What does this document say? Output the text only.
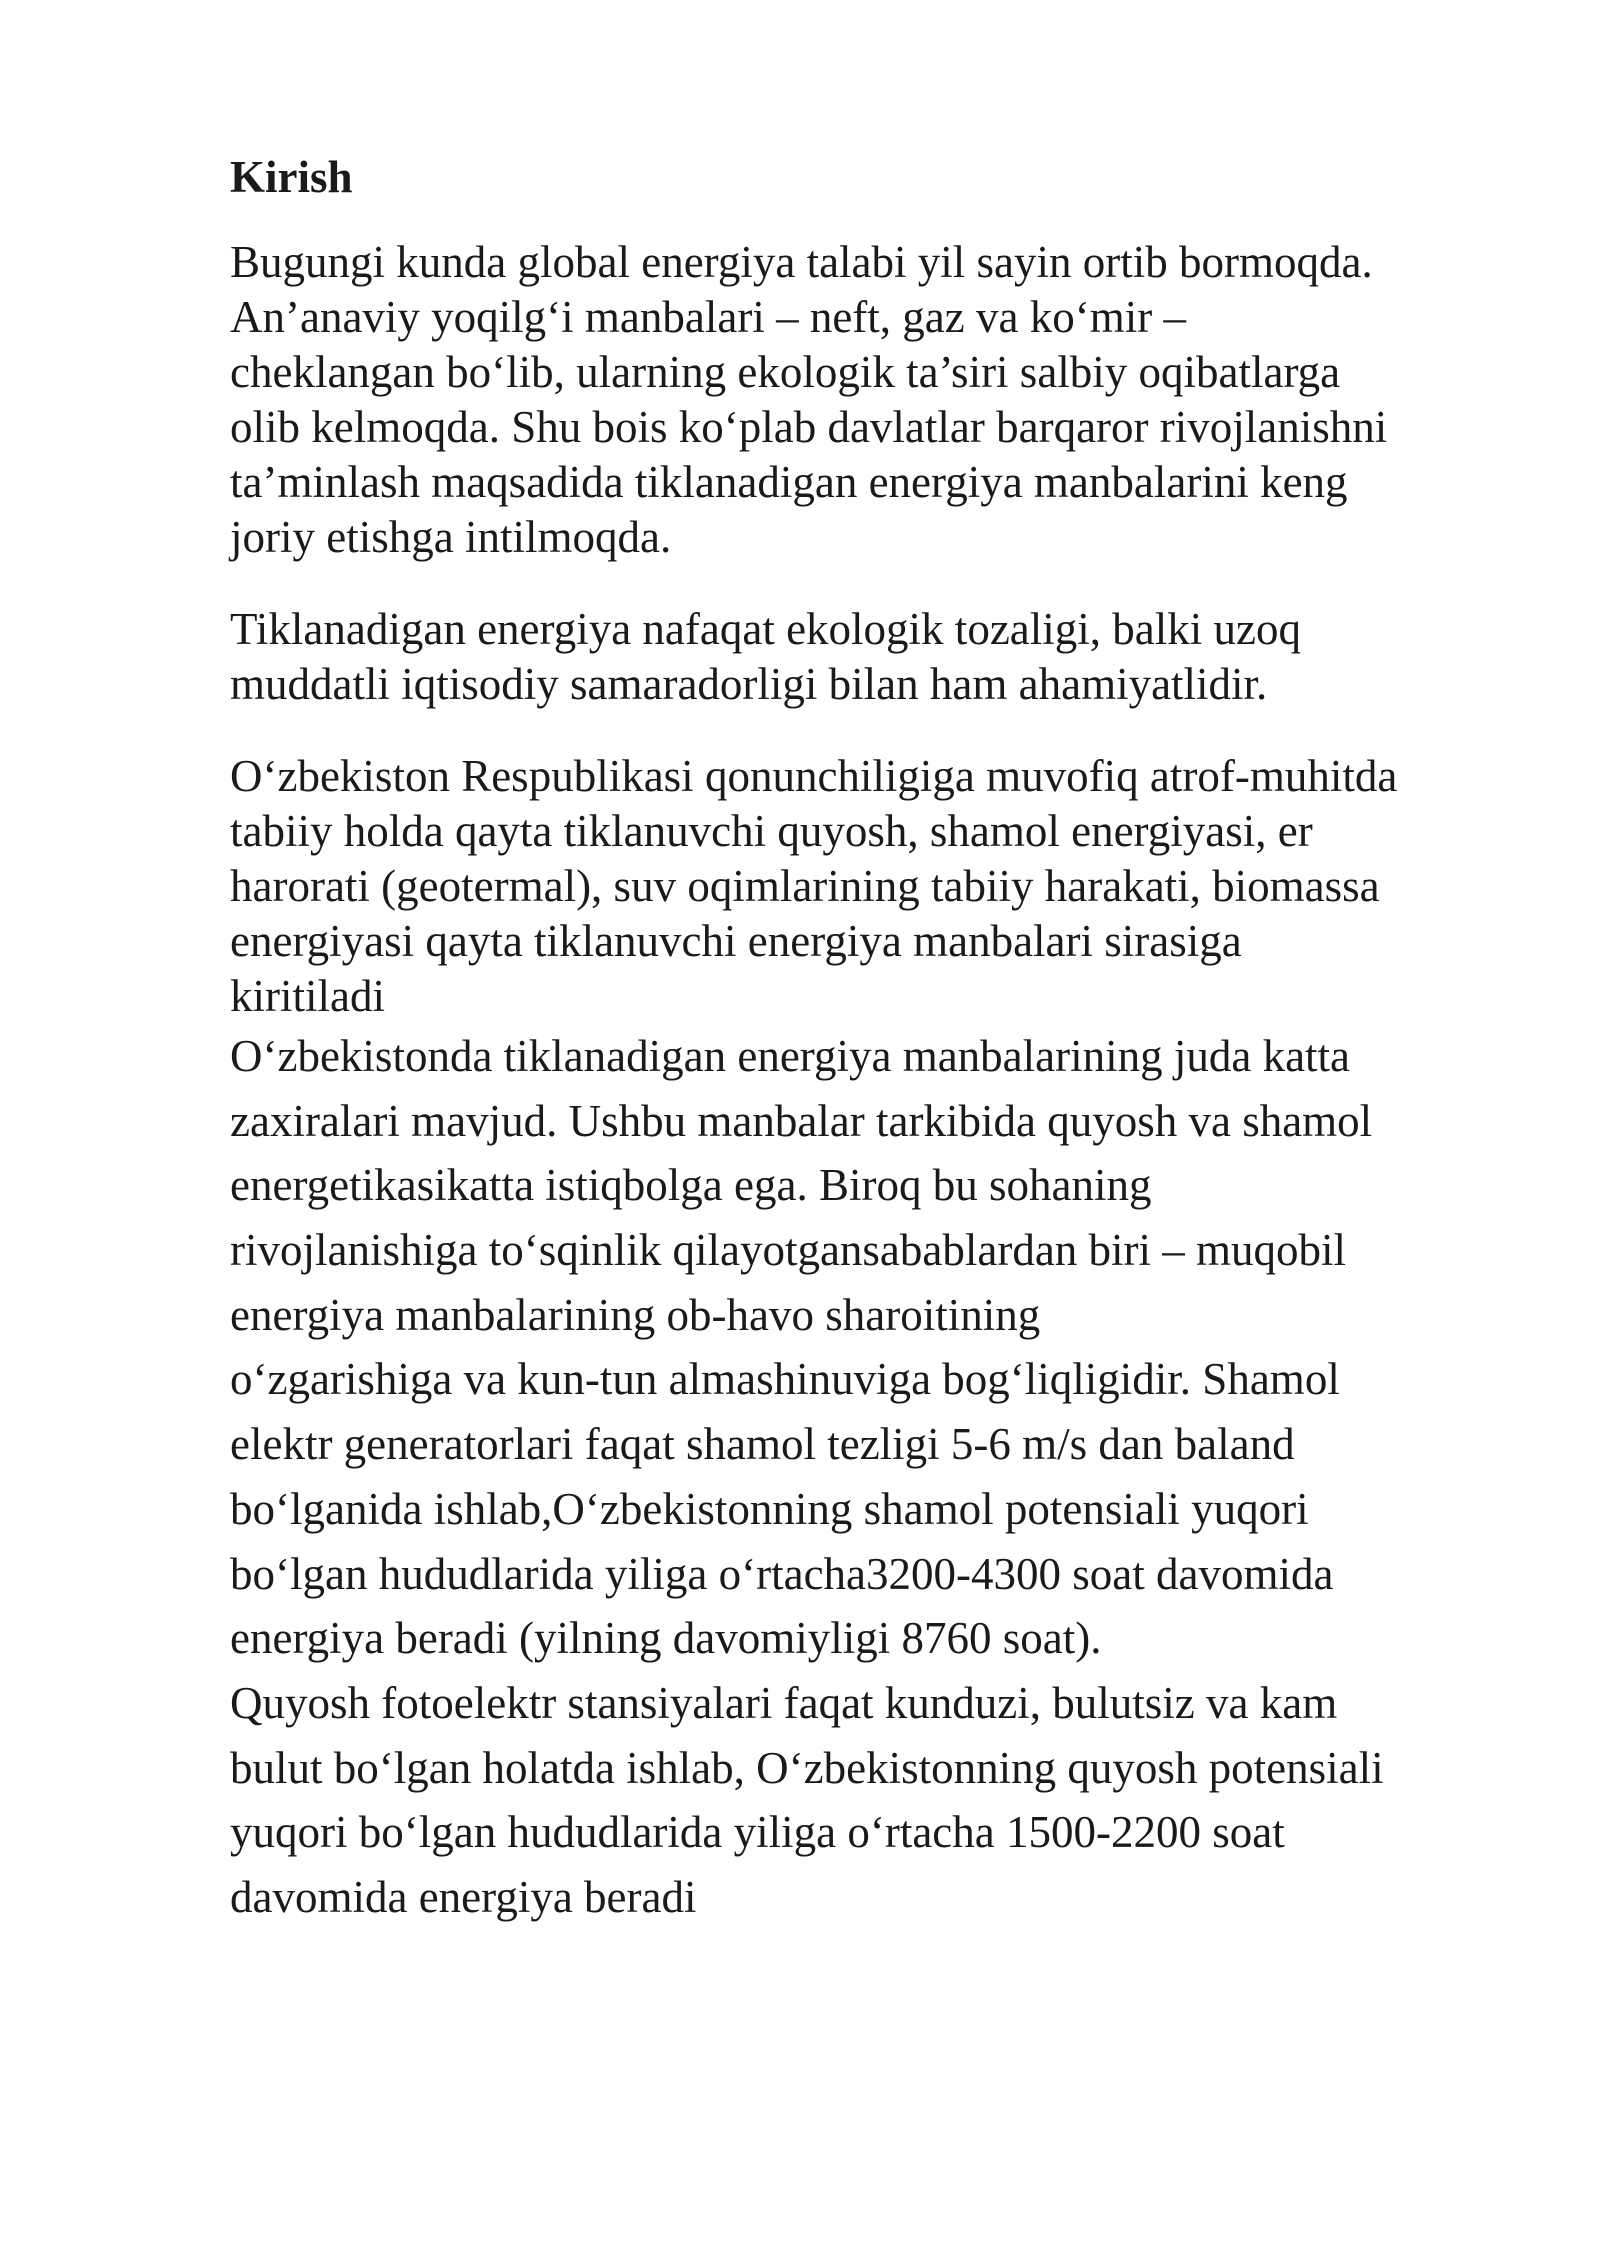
Kirish
Bugungi kunda global energiya talabi yil sayin ortib bormoqda.
An’anaviy yoqilg‘i manbalari – neft, gaz va ko‘mir –
cheklangan bo‘lib, ularning ekologik ta’siri salbiy oqibatlarga
olib kelmoqda. Shu bois ko‘plab davlatlar barqaror rivojlanishni
ta’minlash maqsadida tiklanadigan energiya manbalarini keng
joriy etishga intilmoqda.
Tiklanadigan energiya nafaqat ekologik tozaligi, balki uzoq
muddatli iqtisodiy samaradorligi bilan ham ahamiyatlidir.
O‘zbekiston Respublikasi qonunchiligiga muvofiq atrof-muhitda
tabiiy holda qayta tiklanuvchi quyosh, shamol energiyasi, er
harorati (geotermal), suv oqimlarining tabiiy harakati, biomassa
energiyasi qayta tiklanuvchi energiya manbalari sirasiga
kiritiladi
O‘zbekistonda tiklanadigan energiya manbalarining juda katta
zaxiralari mavjud. Ushbu manbalar tarkibida quyosh va shamol
energetikasikatta istiqbolga ega. Biroq bu sohaning
rivojlanishiga to‘sqinlik qilayotgansabablardan biri – muqobil
energiya manbalarining ob-havo sharoitining
o‘zgarishiga va kun-tun almashinuviga bog‘liqligidir. Shamol
elektr generatorlari faqat shamol tezligi 5-6 m/s dan baland
bo‘lganida ishlab,O‘zbekistonning shamol potensiali yuqori
bo‘lgan hududlarida yiliga o‘rtacha3200-4300 soat davomida
energiya beradi (yilning davomiyligi 8760 soat).
Quyosh fotoelektr stansiyalari faqat kunduzi, bulutsiz va kam
bulut bo‘lgan holatda ishlab, O‘zbekistonning quyosh potensiali
yuqori bo‘lgan hududlarida yiliga o‘rtacha 1500-2200 soat
davomida energiya beradi
